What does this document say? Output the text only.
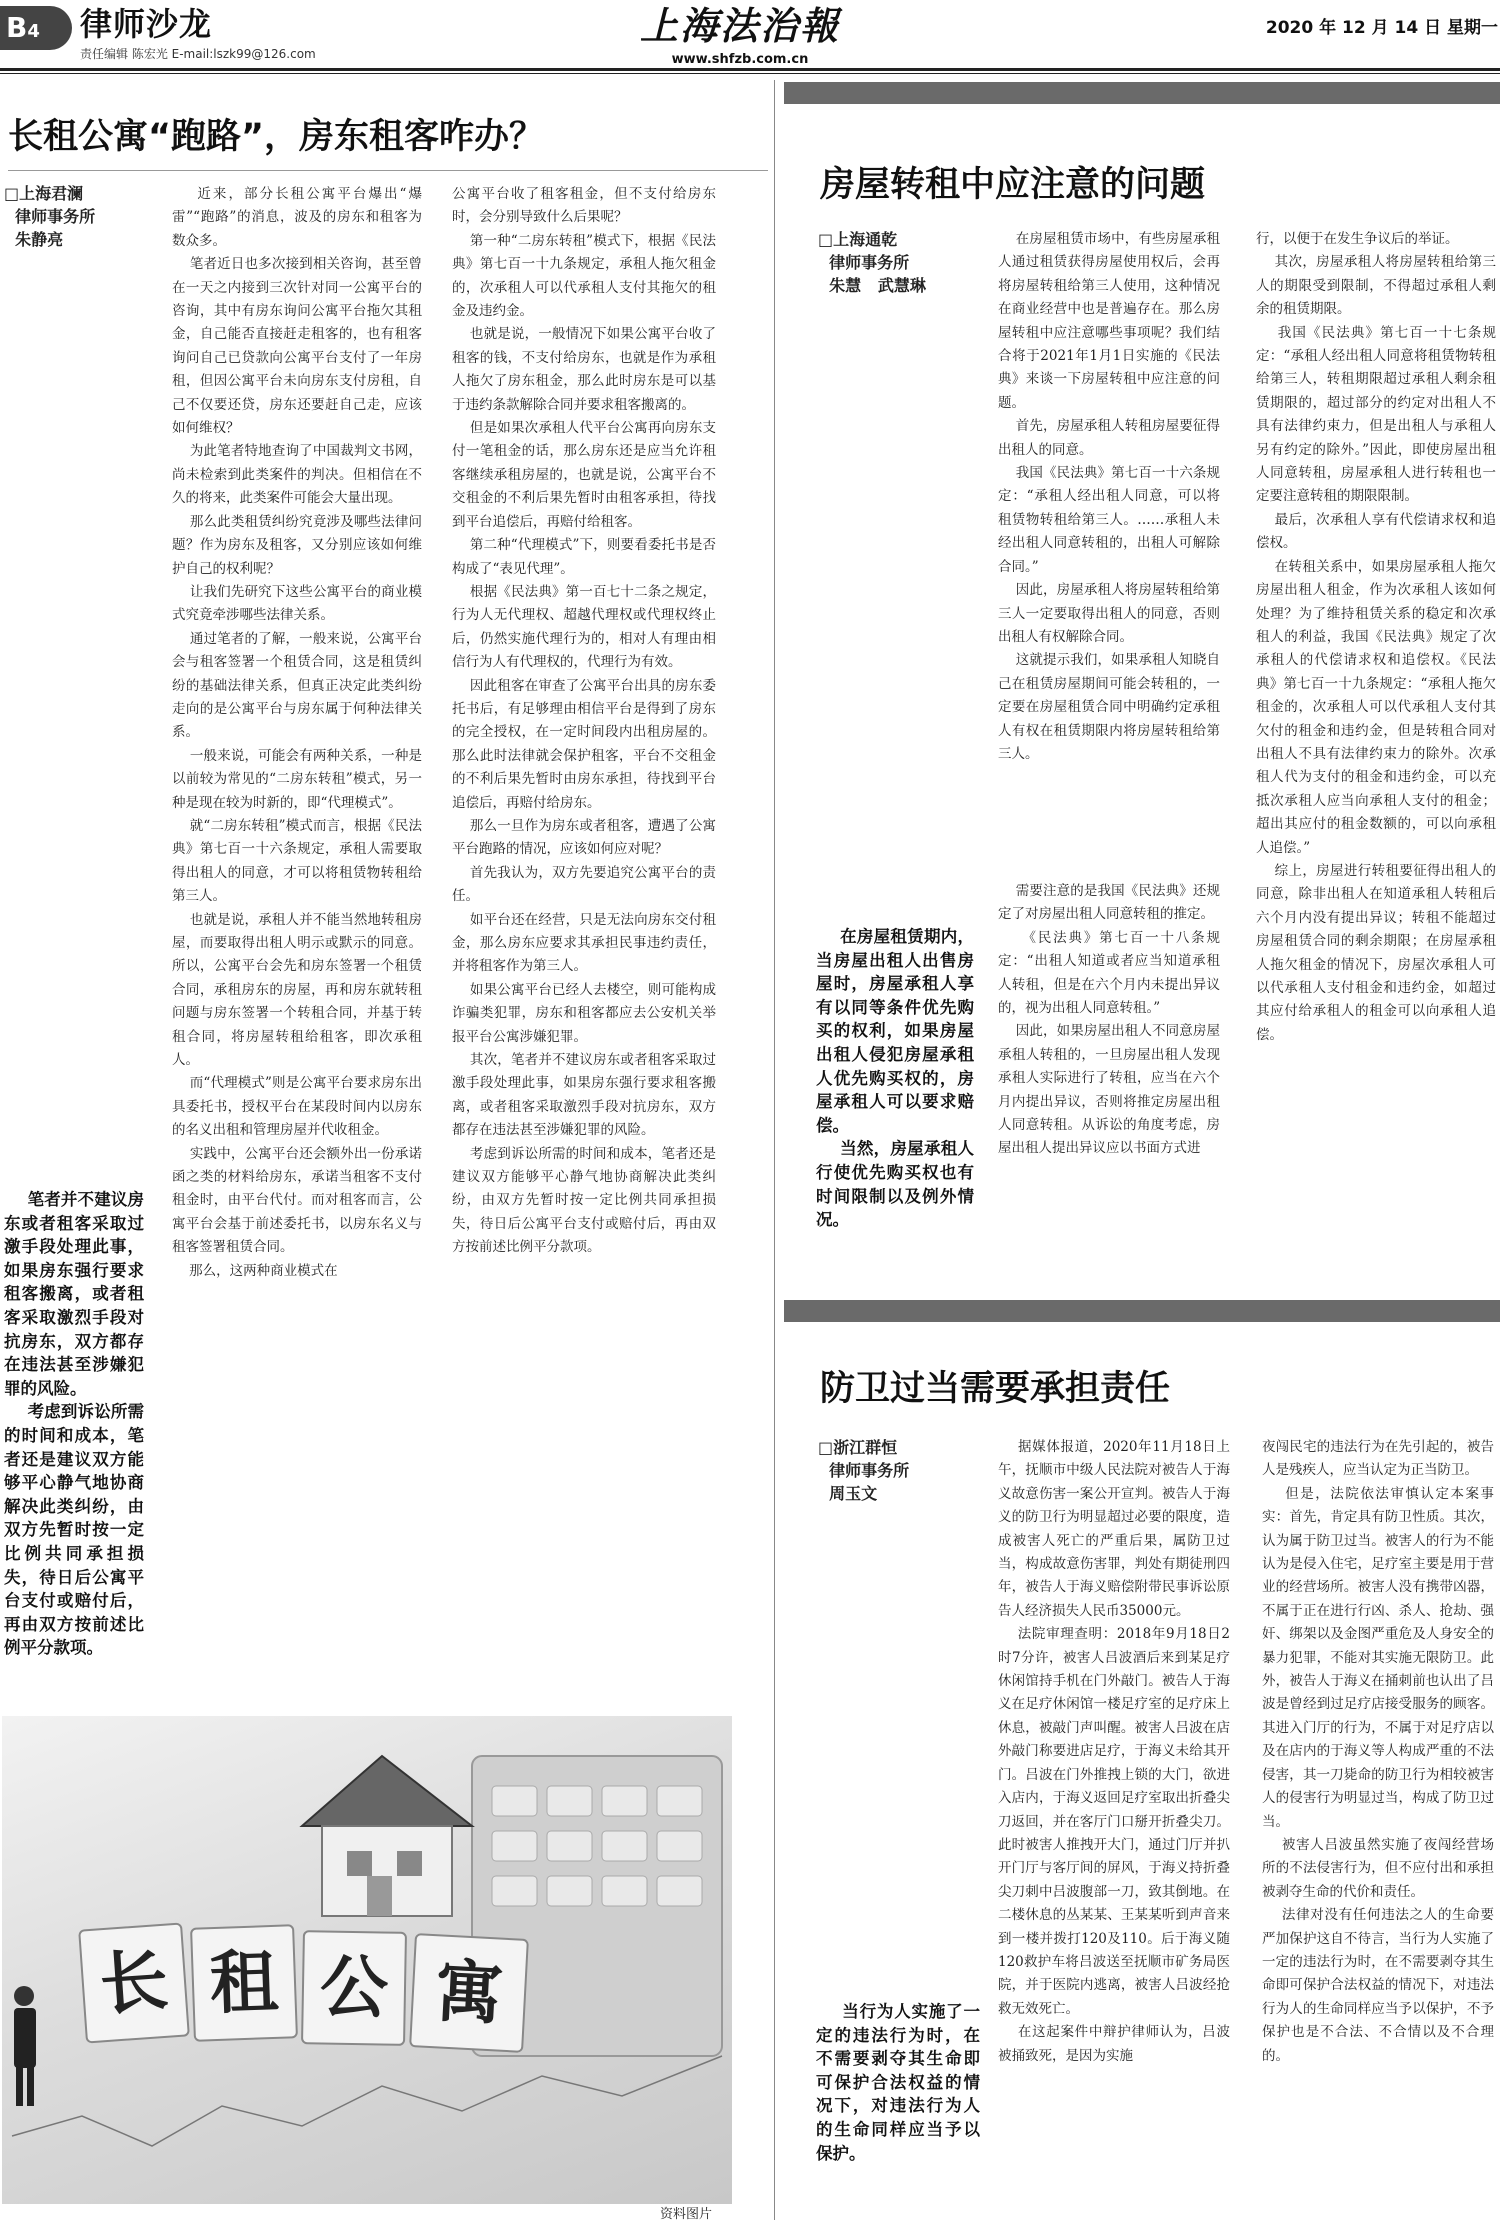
B4	律师沙龙
责任编辑 陈宏光 E-mail:lszk99@126.com
上海法治報
www.shfzb.com.cn
2020 年 12 月 14 日 星期一
长租公寓“跑路”，房东租客咋办？
□上海君澜
律师事务所
朱静亮
笔者并不建议房东或者租客采取过激手段处理此事，如果房东强行要求租客搬离，或者租客采取激烈手段对抗房东，双方都存在违法甚至涉嫌犯罪的风险。
考虑到诉讼所需的时间和成本，笔者还是建议双方能够平心静气地协商解决此类纠纷，由双方先暂时按一定比例共同承担损失，待日后公寓平台支付或赔付后，再由双方按前述比例平分款项。
近来，部分长租公寓平台爆出“爆雷”“跑路”的消息，波及的房东和租客为数众多。
笔者近日也多次接到相关咨询，甚至曾在一天之内接到三次针对同一公寓平台的咨询，其中有房东询问公寓平台拖欠其租金，自己能否直接赶走租客的，也有租客询问自己已贷款向公寓平台支付了一年房租，但因公寓平台未向房东支付房租，自己不仅要还贷，房东还要赶自己走，应该如何维权？
为此笔者特地查询了中国裁判文书网，尚未检索到此类案件的判决。但相信在不久的将来，此类案件可能会大量出现。
那么此类租赁纠纷究竟涉及哪些法律问题？作为房东及租客，又分别应该如何维护自己的权利呢？
让我们先研究下这些公寓平台的商业模式究竟牵涉哪些法律关系。
通过笔者的了解，一般来说，公寓平台会与租客签署一个租赁合同，这是租赁纠纷的基础法律关系，但真正决定此类纠纷走向的是公寓平台与房东属于何种法律关系。
一般来说，可能会有两种关系，一种是以前较为常见的“二房东转租”模式，另一种是现在较为时新的，即“代理模式”。
就“二房东转租”模式而言，根据《民法典》第七百一十六条规定，承租人需要取得出租人的同意，才可以将租赁物转租给第三人。
也就是说，承租人并不能当然地转租房屋，而要取得出租人明示或默示的同意。所以，公寓平台会先和房东签署一个租赁合同，承租房东的房屋，再和房东就转租问题与房东签署一个转租合同，并基于转租合同，将房屋转租给租客，即次承租人。
而“代理模式”则是公寓平台要求房东出具委托书，授权平台在某段时间内以房东的名义出租和管理房屋并代收租金。
实践中，公寓平台还会额外出一份承诺函之类的材料给房东，承诺当租客不支付租金时，由平台代付。而对租客而言，公寓平台会基于前述委托书，以房东名义与租客签署租赁合同。
那么，这两种商业模式在
公寓平台收了租客租金，但不支付给房东时，会分别导致什么后果呢？
第一种“二房东转租”模式下，根据《民法典》第七百一十九条规定，承租人拖欠租金的，次承租人可以代承租人支付其拖欠的租金及违约金。
也就是说，一般情况下如果公寓平台收了租客的钱，不支付给房东，也就是作为承租人拖欠了房东租金，那么此时房东是可以基于违约条款解除合同并要求租客搬离的。
但是如果次承租人代平台公寓再向房东支付一笔租金的话，那么房东还是应当允许租客继续承租房屋的，也就是说，公寓平台不交租金的不利后果先暂时由租客承担，待找到平台追偿后，再赔付给租客。
第二种“代理模式”下，则要看委托书是否构成了“表见代理”。
根据《民法典》第一百七十二条之规定，行为人无代理权、超越代理权或代理权终止后，仍然实施代理行为的，相对人有理由相信行为人有代理权的，代理行为有效。
因此租客在审查了公寓平台出具的房东委托书后，有足够理由相信平台是得到了房东的完全授权，在一定时间段内出租房屋的。那么此时法律就会保护租客，平台不交租金的不利后果先暂时由房东承担，待找到平台追偿后，再赔付给房东。
那么一旦作为房东或者租客，遭遇了公寓平台跑路的情况，应该如何应对呢？
首先我认为，双方先要追究公寓平台的责任。
如平台还在经营，只是无法向房东交付租金，那么房东应要求其承担民事违约责任，并将租客作为第三人。
如果公寓平台已经人去楼空，则可能构成诈骗类犯罪，房东和租客都应去公安机关举报平台公寓涉嫌犯罪。
其次，笔者并不建议房东或者租客采取过激手段处理此事，如果房东强行要求租客搬离，或者租客采取激烈手段对抗房东，双方都存在违法甚至涉嫌犯罪的风险。
考虑到诉讼所需的时间和成本，笔者还是建议双方能够平心静气地协商解决此类纠纷，由双方先暂时按一定比例共同承担损失，待日后公寓平台支付或赔付后，再由双方按前述比例平分款项。
长 租 公 寓
资料图片
房屋转租中应注意的问题
□上海通乾
律师事务所
朱慧   武慧琳
在房屋租赁市场中，有些房屋承租人通过租赁获得房屋使用权后，会再将房屋转租给第三人使用，这种情况在商业经营中也是普遍存在。那么房屋转租中应注意哪些事项呢？我们结合将于2021年1月1日实施的《民法典》来谈一下房屋转租中应注意的问题。
首先，房屋承租人转租房屋要征得出租人的同意。
我国《民法典》第七百一十六条规定：“承租人经出租人同意，可以将租赁物转租给第三人。……承租人未经出租人同意转租的，出租人可解除合同。”
因此，房屋承租人将房屋转租给第三人一定要取得出租人的同意，否则出租人有权解除合同。
这就提示我们，如果承租人知晓自己在租赁房屋期间可能会转租的，一定要在房屋租赁合同中明确约定承租人有权在租赁期限内将房屋转租给第三人。
在房屋租赁期内，当房屋出租人出售房屋时，房屋承租人享有以同等条件优先购买的权利，如果房屋出租人侵犯房屋承租人优先购买权的，房屋承租人可以要求赔偿。
当然，房屋承租人行使优先购买权也有时间限制以及例外情况。
需要注意的是我国《民法典》还规定了对房屋出租人同意转租的推定。
《民法典》第七百一十八条规定：“出租人知道或者应当知道承租人转租，但是在六个月内未提出异议的，视为出租人同意转租。”
因此，如果房屋出租人不同意房屋承租人转租的，一旦房屋出租人发现承租人实际进行了转租，应当在六个月内提出异议，否则将推定房屋出租人同意转租。从诉讼的角度考虑，房屋出租人提出异议应以书面方式进
行，以便于在发生争议后的举证。
其次，房屋承租人将房屋转租给第三人的期限受到限制，不得超过承租人剩余的租赁期限。
我国《民法典》第七百一十七条规定：“承租人经出租人同意将租赁物转租给第三人，转租期限超过承租人剩余租赁期限的，超过部分的约定对出租人不具有法律约束力，但是出租人与承租人另有约定的除外。”因此，即使房屋出租人同意转租，房屋承租人进行转租也一定要注意转租的期限限制。
最后，次承租人享有代偿请求权和追偿权。
在转租关系中，如果房屋承租人拖欠房屋出租人租金，作为次承租人该如何处理？为了维持租赁关系的稳定和次承租人的利益，我国《民法典》规定了次承租人的代偿请求权和追偿权。《民法典》第七百一十九条规定：“承租人拖欠租金的，次承租人可以代承租人支付其欠付的租金和违约金，但是转租合同对出租人不具有法律约束力的除外。次承租人代为支付的租金和违约金，可以充抵次承租人应当向承租人支付的租金；超出其应付的租金数额的，可以向承租人追偿。”
综上，房屋进行转租要征得出租人的同意，除非出租人在知道承租人转租后六个月内没有提出异议；转租不能超过房屋租赁合同的剩余期限；在房屋承租人拖欠租金的情况下，房屋次承租人可以代承租人支付租金和违约金，如超过其应付给承租人的租金可以向承租人追偿。
防卫过当需要承担责任
□浙江群恒
律师事务所
周玉文
据媒体报道，2020年11月18日上午，抚顺市中级人民法院对被告人于海义故意伤害一案公开宣判。被告人于海义的防卫行为明显超过必要的限度，造成被害人死亡的严重后果，属防卫过当，构成故意伤害罪，判处有期徒刑四年，被告人于海义赔偿附带民事诉讼原告人经济损失人民币35000元。
法院审理查明：2018年9月18日2时7分许，被害人吕波酒后来到某足疗休闲馆持手机在门外敲门。被告人于海义在足疗休闲馆一楼足疗室的足疗床上休息，被敲门声叫醒。被害人吕波在店外敲门称要进店足疗，于海义未给其开门。吕波在门外推拽上锁的大门，欲进入店内，于海义返回足疗室取出折叠尖刀返回，并在客厅门口掰开折叠尖刀。此时被害人推拽开大门，通过门厅并扒开门厅与客厅间的屏风，于海义持折叠尖刀刺中吕波腹部一刀，致其倒地。在二楼休息的丛某某、王某某听到声音来到一楼并拨打120及110。后于海义随120救护车将吕波送至抚顺市矿务局医院，并于医院内逃离，被害人吕波经抢救无效死亡。
在这起案件中辩护律师认为，吕波被捅致死，是因为实施
当行为人实施了一定的违法行为时，在不需要剥夺其生命即可保护合法权益的情况下，对违法行为人的生命同样应当予以保护。
夜闯民宅的违法行为在先引起的，被告人是残疾人，应当认定为正当防卫。
但是，法院依法审慎认定本案事实：首先，肯定具有防卫性质。其次，认为属于防卫过当。被害人的行为不能认为是侵入住宅，足疗室主要是用于营业的经营场所。被害人没有携带凶器，不属于正在进行行凶、杀人、抢劫、强奸、绑架以及金图严重危及人身安全的暴力犯罪，不能对其实施无限防卫。此外，被告人于海义在捅刺前也认出了吕波是曾经到过足疗店接受服务的顾客。其进入门厅的行为，不属于对足疗店以及在店内的于海义等人构成严重的不法侵害，其一刀毙命的防卫行为相较被害人的侵害行为明显过当，构成了防卫过当。
被害人吕波虽然实施了夜闯经营场所的不法侵害行为，但不应付出和承担被剥夺生命的代价和责任。
法律对没有任何违法之人的生命要严加保护这自不待言，当行为人实施了一定的违法行为时，在不需要剥夺其生命即可保护合法权益的情况下，对违法行为人的生命同样应当予以保护，不予保护也是不合法、不合情以及不合理的。
